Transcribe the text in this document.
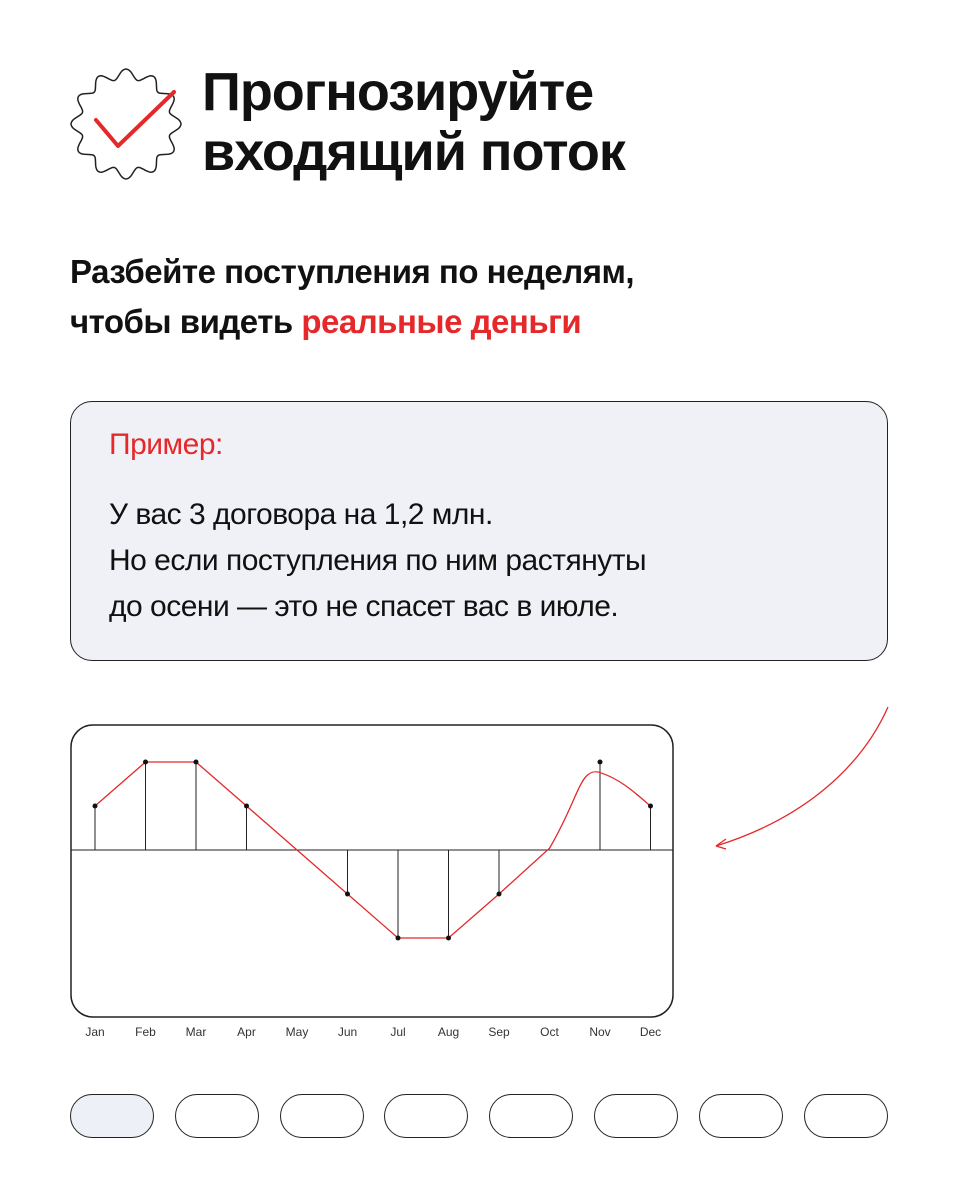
Прогнозируйте
входящий поток
Разбейте поступления по неделям,
чтобы видеть реальные деньги
Пример:
У вас 3 договора на 1,2 млн.
Но если поступления по ним растянуты
до осени — это не спасет вас в июле.
Jan	Feb Mar	Apr May Jun	Jul	Aug Sep	Oct	Nov Dec
